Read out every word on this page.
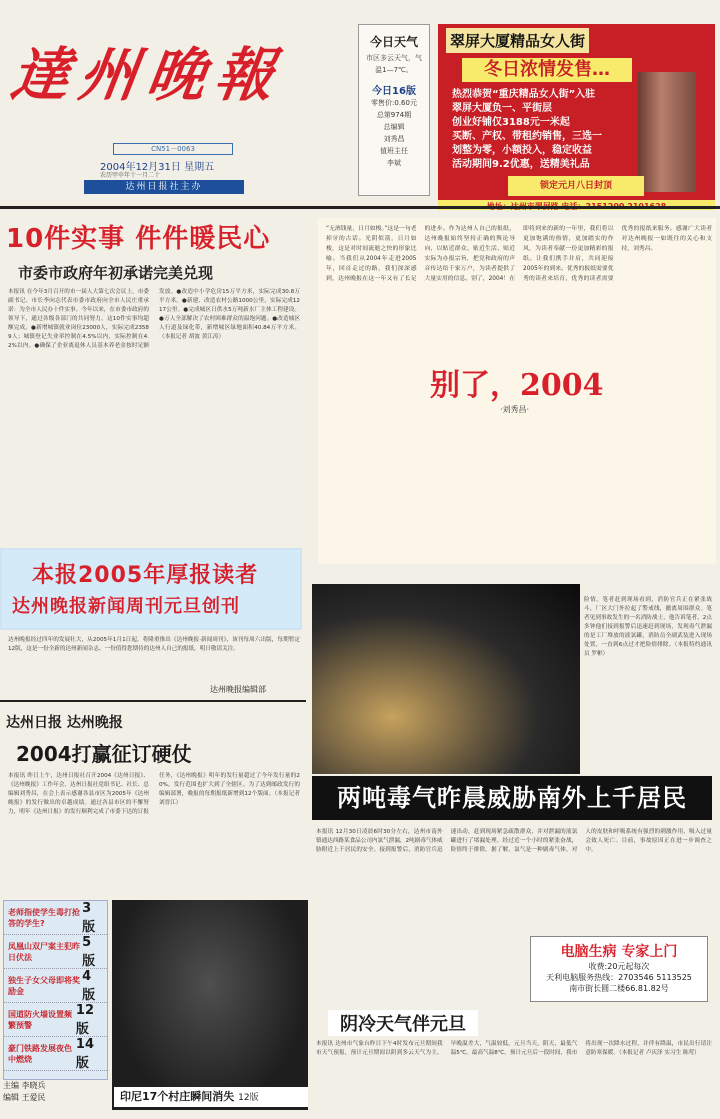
達州晚報
CN51－0063
2004年12月31日 星期五
农历甲申年十一月二十
达州日报社主办
今日天气
市区多云天气，气温1—7℃。
今日16版
零售价:0.60元
总第974期
总编辑
刘秀昌
值班主任
李斌
翠屏大厦精品女人街
冬日浓情发售…
热烈恭贺“重庆精品女人街”入驻
翠屏大厦负一、平街层
创业好铺仅3188元一米起
买断、产权、带租约销售，三选一
划整为零，小额投入，稳定收益
活动期间9.2优惠，送精美礼品
锁定元月八日封顶
10件实事 件件暖民心
市委市政府年初承诺完美兑现
本报讯 在今年3月召开的市一届人大第七次会议上，市委副书记、市长李向志代表市委市政府向全市人民庄重承诺：为全市人民办十件实事。今年以来，在市委市政府的领导下，通过各级各部门的共同努力，这10件实事均超额完成。●新增城镇就业岗位23000人，实际完成23589人；城镇登记失业率控制在4.5%以内，实际控制在4.2%以内。●确保了企业离退休人员基本养老金按时足额发放。●改造中小学危房15万平方米，实际完成30.8万平方米。●新建、改造农村公路1000公里，实际完成1217公里。●完成城区日供水5万吨新水厂主体工程建设。●万人全部解决了农村困难群众的温饱问题。●改造城区人行道及绿化带，新增城区绿地面积40.84万平方米。（本报记者 胡波 黄江涛）
本报2005年厚报读者
达州晚报新闻周刊元旦创刊
达州晚报经过四年的发展壮大，从2005年1月1日起，将隆重推出《达州晚报·新闻周刊》，该刊每周六出版，每期暂定12版，这是一份全新的达州新闻杂志，一份值得您期待的达州人自己的报纸。明日敬请关注。
达州晚报编辑部
达州日报 达州晚报
2004打赢征订硬仗
本报讯 昨日上午，达州日报社召开2004《达州日报》、《达州晚报》工作年会，达州日报社党组书记、社长、总编辑刘秀昌，在会上表示感谢各县市区为2005年《达州晚报》的发行做出的卓越成绩。通过各县市区的不懈努力，明年《达州日报》的发行顺利完成了市委下达的订报任务，《达州晚报》明年的发行量超过了今年发行量的20%，发行范围也扩大到了全辖区。为了达到邮政发行的编辑部署，晚报的每期报纸新增到12个版面。（本报记者 刘晋江）
老师指使学生毒打抢答的学生?
3版
凤凰山双尸案主犯昨日伏法
5版
独生子女父母即将奖励金
4版
国道防火墙设置频繁预警
12版
豪门铁路发展夜色中燃烧
14版
主编 李晓兵
编辑 王爱民	印尼17个村庄瞬间消失 12版
“无酒钱量，日月如梭。”这是一句老掉牙的古话。光阴似箭，日月如梭，这是对时间流逝之快的形象比喻。当我们从2004年走进2005年，回首走过的路，我们深深感到，达州晚报在这一年又有了长足的进步。作为达州人自己的报纸，达州晚报始终坚持正确的舆论导向，以贴近群众、贴近生活、贴近实际为办报宗旨，把党和政府的声音传达给千家万户，为读者提供了大量实用的信息。别了，2004！在即将到来的新的一年里，我们将以更加饱满的热情，更加踏实的作风，为读者奉献一份更加精彩的报纸。让我们携手并肩，共同迎接2005年的到来。优秀的报纸需要优秀的读者来培育，优秀的读者需要优秀的报纸来服务。感谢广大读者对达州晚报一如既往的关心和支持，刘秀昌。
别了，2004
·刘秀昌·
险情。笔者赶到现场看到，消防官兵正在紧张战斗，厂区大门外拉起了警戒线，撤离周围群众。笔者见到事故发生的一名消防战士，他告诉笔者，2点多钟他们接到报警后迅速赶到现场，发现毒气泄漏的是工厂堆放的液氯罐，消防员全副武装进入现场处置，一直到6点过才把险情排除。（本报特约通讯员 罗彬）
两吨毒气昨晨威胁南外上千居民
本报讯 12月30日凌晨6时30分左右，达州市南外镇通达西路某食品公司内氯气泄漏，2吨剧毒气体威胁附近上千居民的安全。接到报警后，消防官兵迅速出动，赶到现场紧急疏散群众，并对泄漏的液氯罐进行了堵漏处理。经过近一个小时的紧张奋战，险情终于排除。据了解，氯气是一种剧毒气体，对人的皮肤和呼吸系统有强烈的刺激作用，吸入过量会致人死亡。目前，事故原因正在进一步调查之中。
电脑生病 专家上门
收费:20元起每次
天利电脑服务热线：2703546 5113525
南市街长圆二楼66.81.82号
阴冷天气伴元旦
本报讯 达州市气象台昨日下午4时发布元旦期间我市天气预报，预计元旦期间以阴到多云天气为主，早晚温差大，气温较低。元旦当天，阴天，最低气温5℃，最高气温8℃。预计元旦后一段时间，我市将出现一次降水过程，并伴有降温，市民出行请注意防寒保暖。（本报记者 卢庆泽 实习生 陈莺）
